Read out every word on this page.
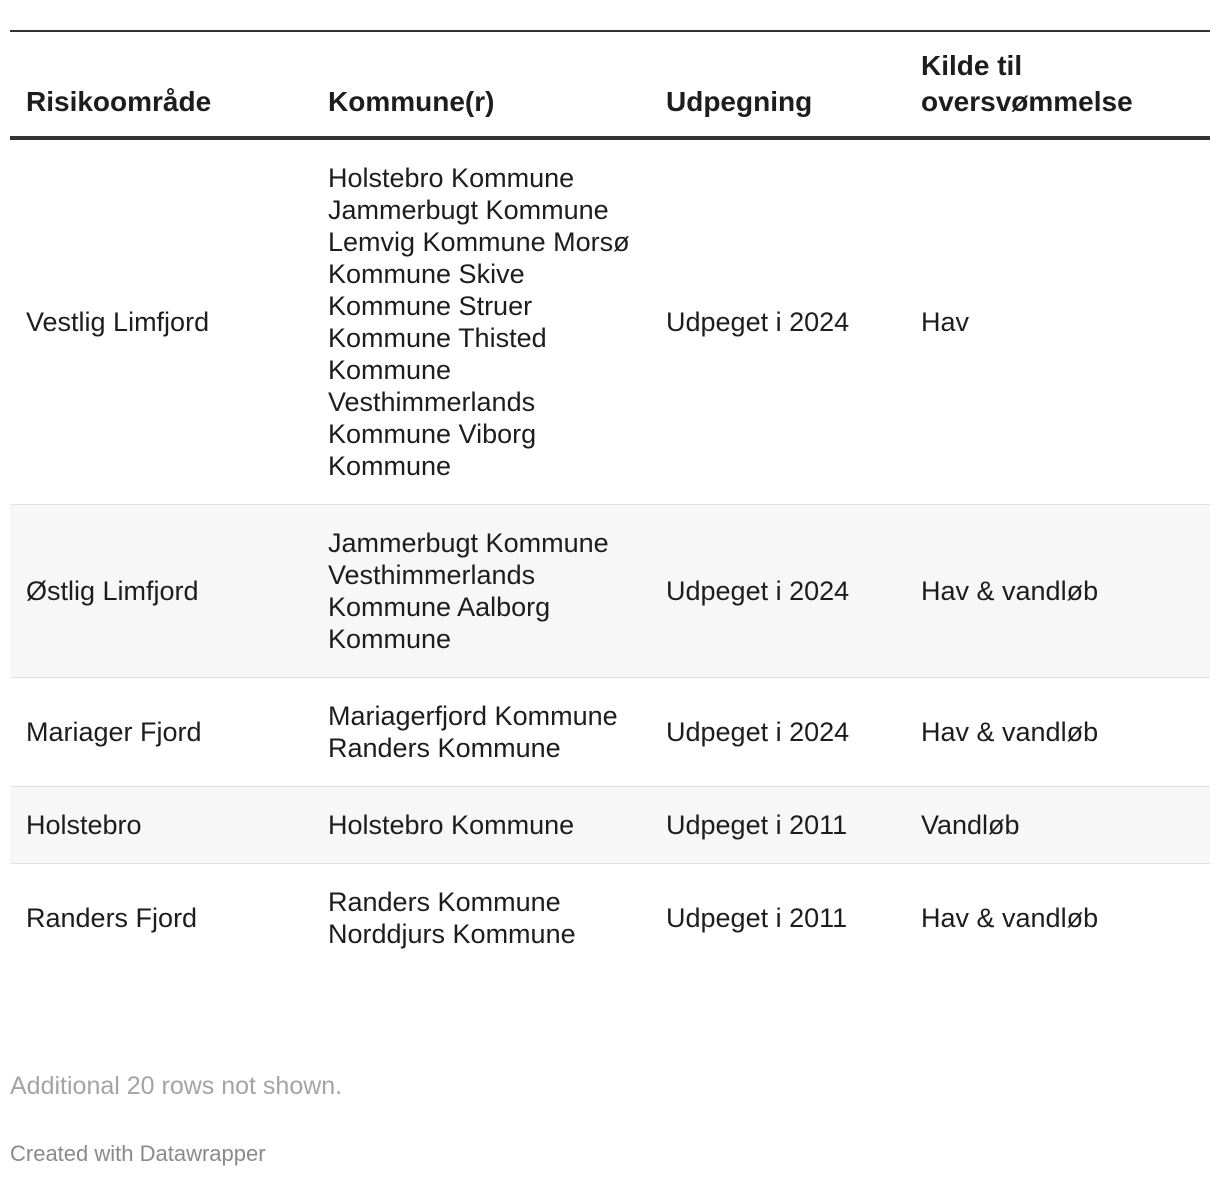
Risikoområde	Kommune(r)	Udpegning	Kilde til oversvømmelse
Vestlig Limfjord	Holstebro Kommune Jammerbugt Kommune Lemvig Kommune Morsø Kommune Skive Kommune Struer Kommune Thisted Kommune Vesthimmerlands Kommune Viborg Kommune	Udpeget i 2024	Hav
Østlig Limfjord	Jammerbugt Kommune Vesthimmerlands Kommune Aalborg Kommune	Udpeget i 2024	Hav & vandløb
Mariager Fjord	Mariagerfjord Kommune Randers Kommune	Udpeget i 2024	Hav & vandløb
Holstebro	Holstebro Kommune	Udpeget i 2011	Vandløb
Randers Fjord	Randers Kommune Norddjurs Kommune	Udpeget i 2011	Hav & vandløb
Additional 20 rows not shown.
Created with Datawrapper
